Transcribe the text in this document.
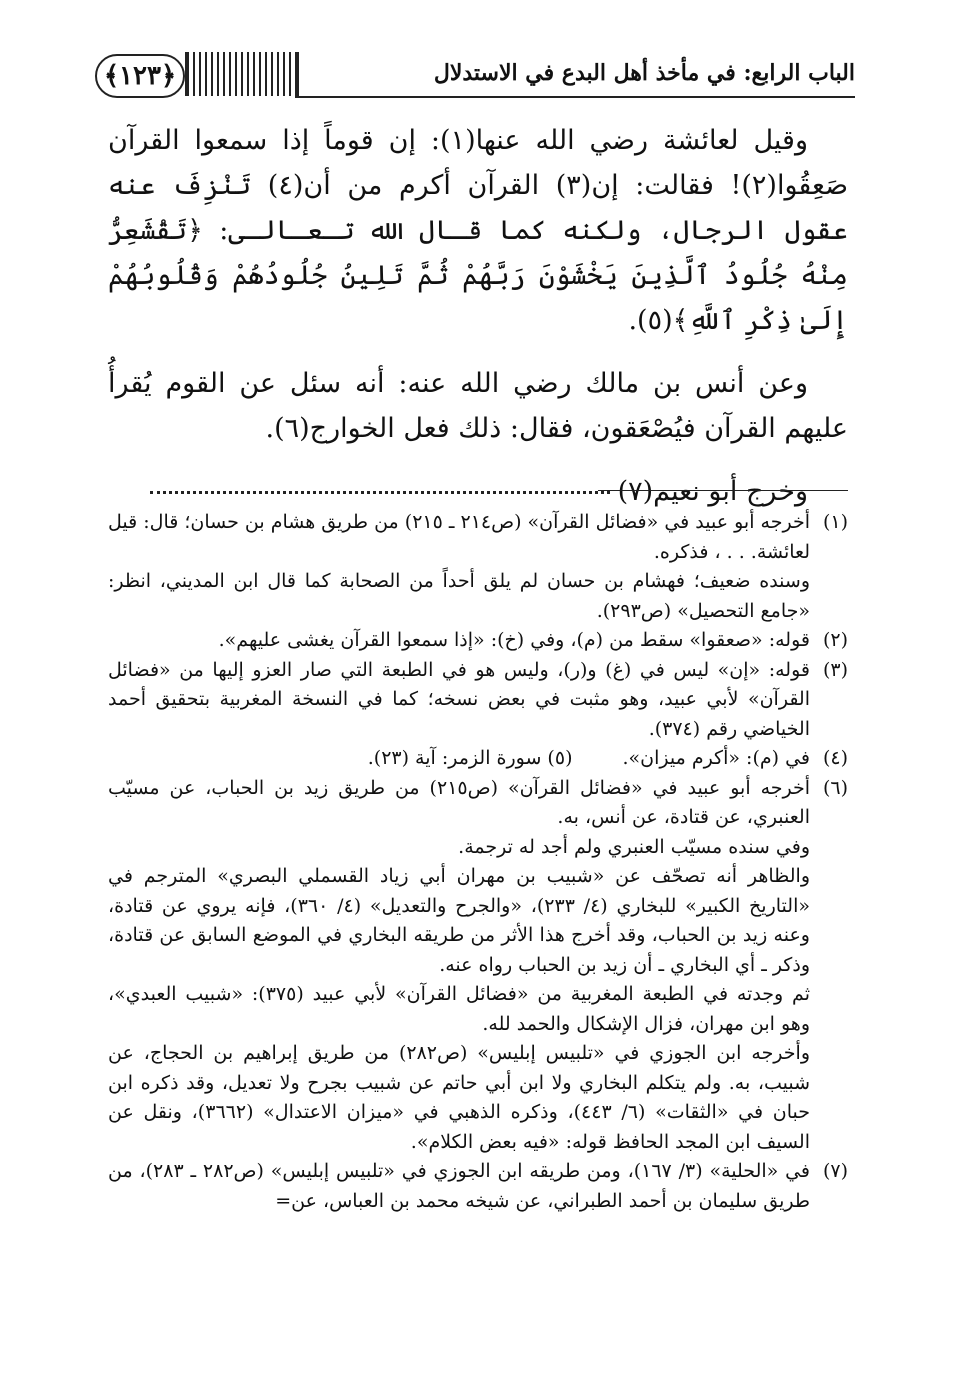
﴿١٢٣﴾	الباب الرابع: في مأخذ أهل البدع في الاستدلال

وقيل لعائشة رضي الله عنها(١): إن قوماً إذا سمعوا القرآن صَعِقُوا(٢)! فقالت: إن(٣) القرآن أكرم من أن(٤) تَنْزِفَ عنه عقول الرجال، ولكنه كما قـال الله تـعـالـى: ﴿تَقْشَعِرُّ مِنْهُ جُلُودُ ٱلَّذِينَ يَخْشَوْنَ رَبَّهُمْ ثُمَّ تَلِينُ جُلُودُهُمْ وَقُلُوبُهُمْ إِلَىٰ ذِكْرِ ٱللَّهِ﴾(٥).

وعن أنس بن مالك رضي الله عنه: أنه سئل عن القوم يُقرأُ عليهم القرآن فيُصْعَقون، فقال: ذلك فعل الخوارج(٦).

وخرج أبو نعيم(٧)

(١)
أخرجه أبو عبيد في «فضائل القرآن» (ص٢١٤ ـ ٢١٥) من طريق هشام بن حسان؛ قال: قيل لعائشة. . . ، فذكره.
وسنده ضعيف؛ فهشام بن حسان لم يلق أحداً من الصحابة كما قال ابن المديني، انظر: «جامع التحصيل» (ص٢٩٣).
(٢)
قوله: «صعقوا» سقط من (م)، وفي (خ): «إذا سمعوا القرآن يغشى عليهم».
(٣)
قوله: «إن» ليس في (غ) و(ر)، وليس هو في الطبعة التي صار العزو إليها من «فضائل القرآن» لأبي عبيد، وهو مثبت في بعض نسخه؛ كما في النسخة المغربية بتحقيق أحمد الخياضي رقم (٣٧٤).
(٤)
في (م): «أكرم ميزان».
(٥) سورة الزمر: آية (٢٣).
(٦)
أخرجه أبو عبيد في «فضائل القرآن» (ص٢١٥) من طريق زيد بن الحباب، عن مسيّب العنبري، عن قتادة، عن أنس، به.
وفي سنده مسيّب العنبري ولم أجد له ترجمة.
والظاهر أنه تصحّف عن «شبيب بن مهران أبي زياد القسملي البصري» المترجم في «التاريخ الكبير» للبخاري (٤/ ٢٣٣)، «والجرح والتعديل» (٤/ ٣٦٠)، فإنه يروي عن قتادة، وعنه زيد بن الحباب، وقد أخرج هذا الأثر من طريقه البخاري في الموضع السابق عن قتادة، وذكر ـ أي البخاري ـ أن زيد بن الحباب رواه عنه.
ثم وجدته في الطبعة المغربية من «فضائل القرآن» لأبي عبيد (٣٧٥): «شبيب العبدي»، وهو ابن مهران، فزال الإشكال والحمد لله.
وأخرجه ابن الجوزي في «تلبيس إبليس» (ص٢٨٢) من طريق إبراهيم بن الحجاج، عن شبيب، به. ولم يتكلم البخاري ولا ابن أبي حاتم عن شبيب بجرح ولا تعديل، وقد ذكره ابن حبان في «الثقات» (٦/ ٤٤٣)، وذكره الذهبي في «ميزان الاعتدال» (٣٦٦٢)، ونقل عن السيف ابن المجد الحافظ قوله: «فيه بعض الكلام».
(٧)
في «الحلية» (٣/ ١٦٧)، ومن طريقه ابن الجوزي في «تلبيس إبليس» (ص٢٨٢ ـ ٢٨٣)، من طريق سليمان بن أحمد الطبراني، عن شيخه محمد بن العباس، عن=
